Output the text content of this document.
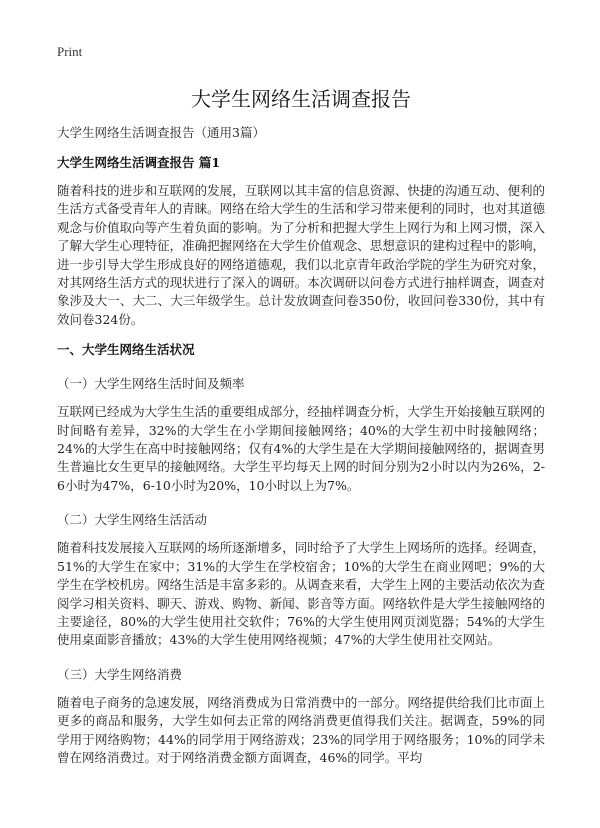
Print
大学生网络生活调查报告

大学生网络生活调查报告（通用3篇）

大学生网络生活调查报告 篇1

随着科技的进步和互联网的发展，互联网以其丰富的信息资源、快捷的沟通互动、便利的生活方式备受青年人的青睐。网络在给大学生的生活和学习带来便利的同时，也对其道德观念与价值取向等产生着负面的影响。为了分析和把握大学生上网行为和上网习惯，深入了解大学生心理特征，准确把握网络在大学生价值观念、思想意识的建构过程中的影响，进一步引导大学生形成良好的网络道德观，我们以北京青年政治学院的学生为研究对象，对其网络生活方式的现状进行了深入的调研。本次调研以问卷方式进行抽样调查，调查对象涉及大一、大二、大三年级学生。总计发放调查问卷350份，收回问卷330份，其中有效问卷324份。

一、大学生网络生活状况

（一）大学生网络生活时间及频率

互联网已经成为大学生生活的重要组成部分，经抽样调查分析，大学生开始接触互联网的时间略有差异，32%的大学生在小学期间接触网络；40%的大学生初中时接触网络；24%的大学生在高中时接触网络；仅有4%的大学生是在大学期间接触网络的，据调查男生普遍比女生更早的接触网络。大学生平均每天上网的时间分别为2小时以内为26%，2-6小时为47%，6-10小时为20%，10小时以上为7%。

（二）大学生网络生活活动

随着科技发展接入互联网的场所逐渐增多，同时给予了大学生上网场所的选择。经调查，51%的大学生在家中；31%的大学生在学校宿舍；10%的大学生在商业网吧；9%的大学生在学校机房。网络生活是丰富多彩的。从调查来看，大学生上网的主要活动依次为查阅学习相关资料、聊天、游戏、购物、新闻、影音等方面。网络软件是大学生接触网络的主要途径，80%的大学生使用社交软件；76%的大学生使用网页浏览器；54%的大学生使用桌面影音播放；43%的大学生使用网络视频；47%的大学生使用社交网站。

（三）大学生网络消费

随着电子商务的急速发展，网络消费成为日常消费中的一部分。网络提供给我们比市面上更多的商品和服务，大学生如何去正常的网络消费更值得我们关注。据调查，59%的同学用于网络购物；44%的同学用于网络游戏；23%的同学用于网络服务；10%的同学未曾在网络消费过。对于网络消费金额方面调查，46%的同学。平均
